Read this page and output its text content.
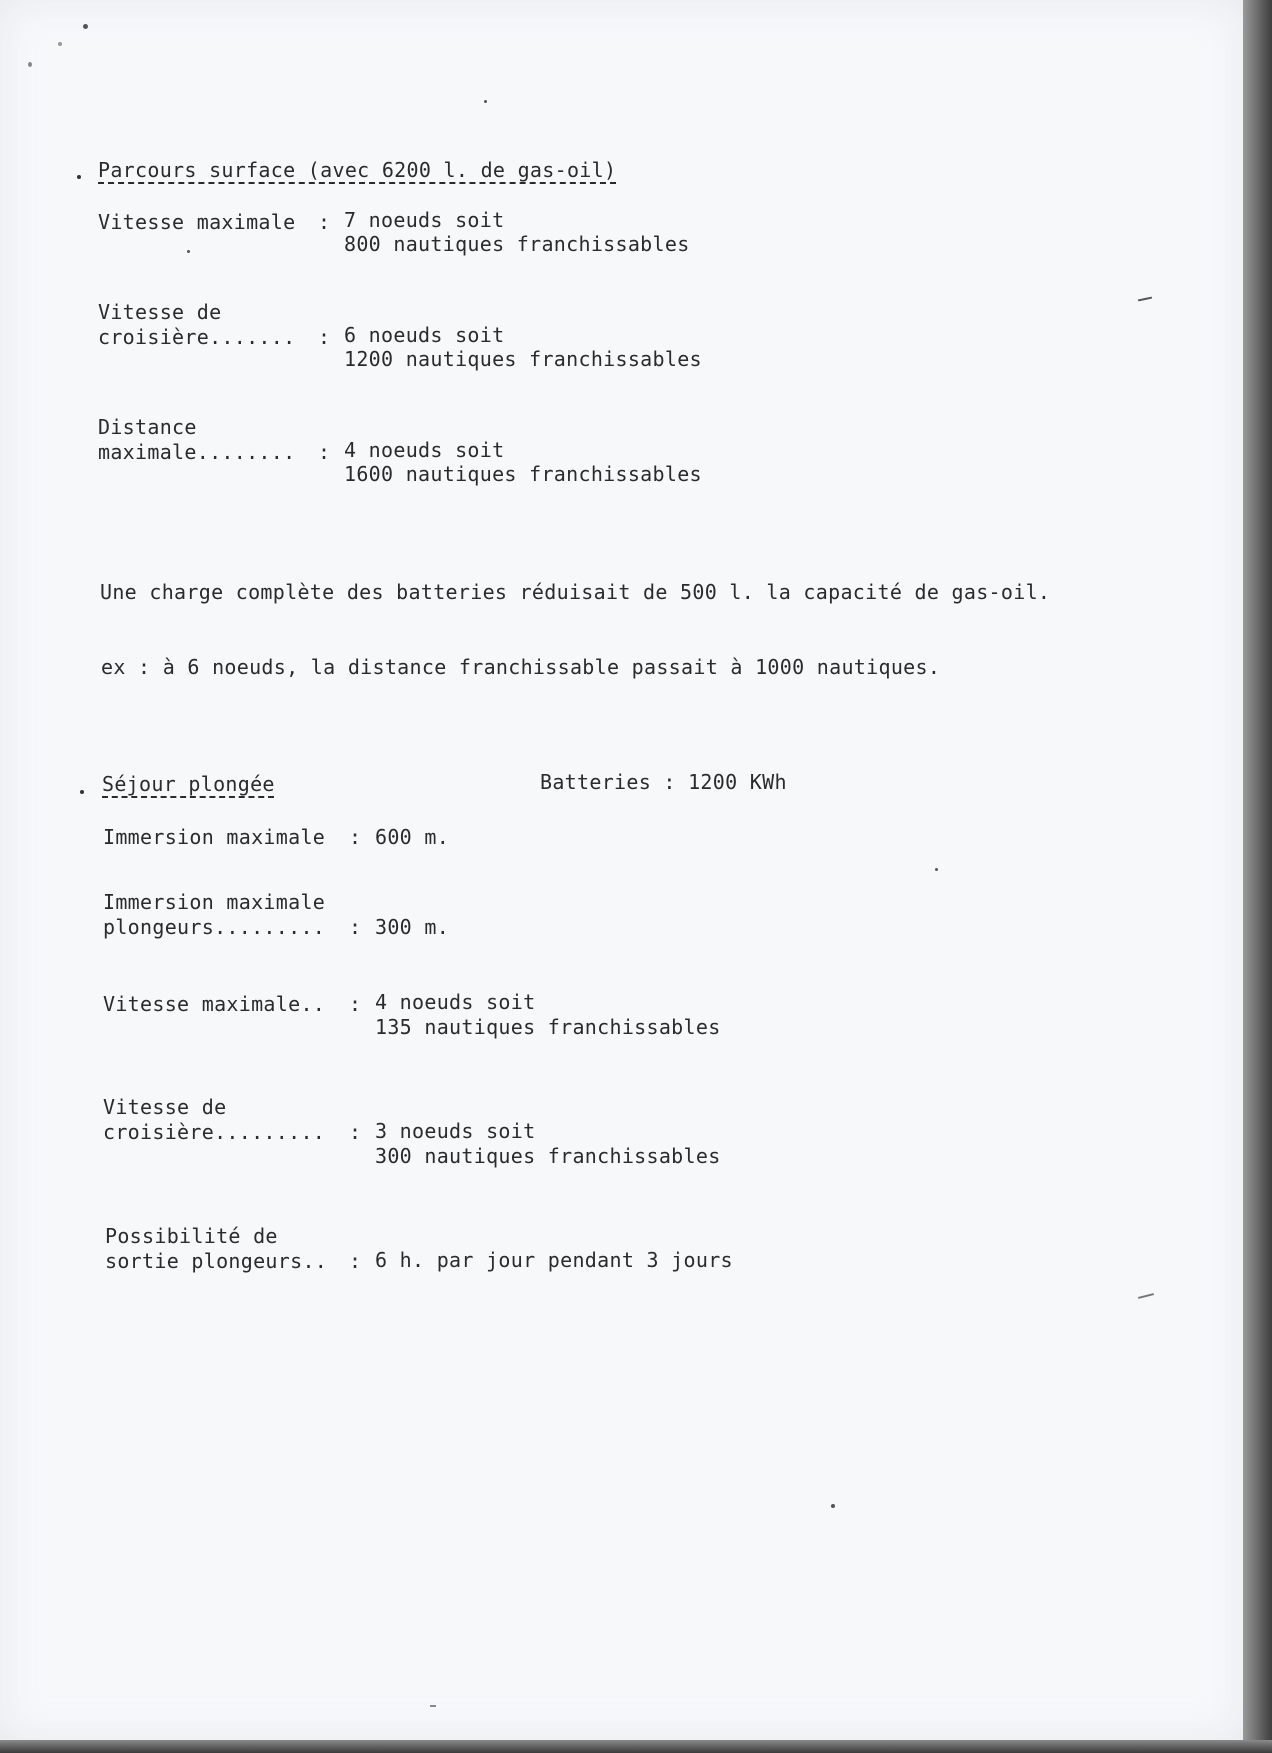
Parcours surface (avec 6200 l. de gas-oil)
Vitesse maximale : 7 noeuds soit
800 nautiques franchissables
Vitesse de
croisière....... : 6 noeuds soit
1200 nautiques franchissables
Distance
maximale........ : 4 noeuds soit
1600 nautiques franchissables
Une charge complète des batteries réduisait de 500 l. la capacité de gas-oil.
ex : à 6 noeuds, la distance franchissable passait à 1000 nautiques.
Séjour plongée	Batteries : 1200 KWh
Immersion maximale : 600 m.
Immersion maximale
plongeurs......... : 300 m.
Vitesse maximale.. : 4 noeuds soit
135 nautiques franchissables
Vitesse de
croisière......... : 3 noeuds soit
300 nautiques franchissables
Possibilité de
sortie plongeurs.. : 6 h. par jour pendant 3 jours
